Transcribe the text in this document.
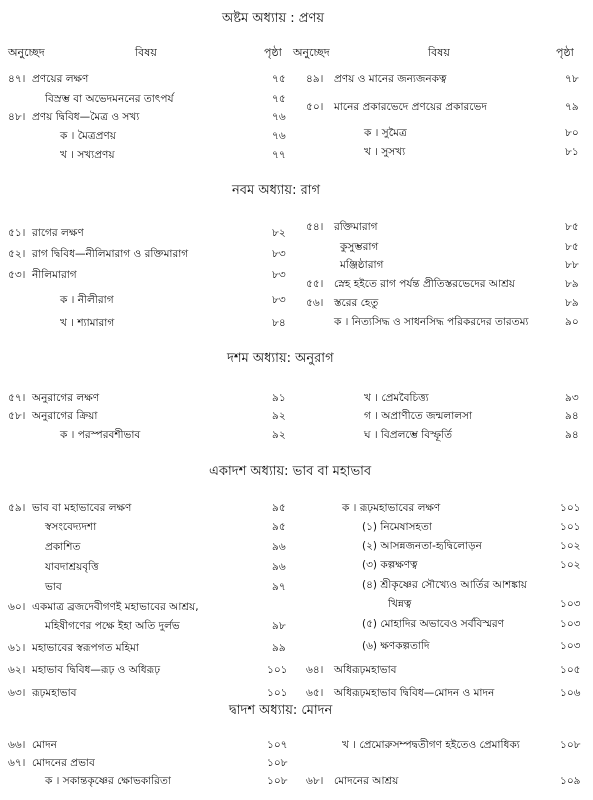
অষ্টম অধ্যায় : প্রণয়
অনুচ্ছেদ	বিষয়	পৃষ্ঠা অনুচ্ছেদ	বিষয়	পৃষ্ঠা
৪৭। প্রণয়ের লক্ষণ	৭৫
বিস্রম্ভ বা অভেদমননের তাৎপর্য	৭৫
৪৮। প্রণয় দ্বিবিধ—মৈত্র ও সখ্য	৭৬
ক । মৈত্রপ্রণয়	৭৬
খ । সখ্যপ্রণয়	৭৭
৪৯। প্রণয় ও মানের জন্যজনকত্ব	৭৮
৫০। মানের প্রকারভেদে প্রণয়ের প্রকারভেদ	৭৯
ক । সুমৈত্র	৮০
খ । সুসখ্য	৮১
নবম অধ্যায়: রাগ
৫১। রাগের লক্ষণ	৮২
৫২। রাগ দ্বিবিধ—নীলিমারাগ ও রক্তিমারাগ	৮৩
৫৩। নীলিমারাগ	৮৩
ক । নীলীরাগ	৮৩
খ । শ্যামারাগ	৮৪
৫৪। রক্তিমারাগ	৮৫
কুসুম্ভরাগ	৮৫
মঞ্জিষ্ঠারাগ	৮৮
৫৫। স্নেহ হইতে রাগ পর্যন্ত প্রীতিস্তরভেদের আশ্রয়	৮৯
৫৬। স্তরের হেতু	৮৯
ক । নিত্যসিদ্ধ ও সাধনসিদ্ধ পরিকরদের তারতম্য	৯০
দশম অধ্যায়: অনুরাগ
৫৭। অনুরাগের লক্ষণ	৯১
৫৮। অনুরাগের ক্রিয়া	৯২
ক । পরস্পরবশীভাব	৯২
খ । প্রেমবৈচিত্ত্য	৯৩
গ । অপ্রাণীতে জন্মলালসা	৯৪
ঘ । বিপ্রলম্ভে বিস্ফূর্তি	৯৪
একাদশ অধ্যায়: ভাব বা মহাভাব
৫৯। ভাব বা মহাভাবের লক্ষণ	৯৫
স্বসংবেদ্যদশা	৯৫
প্রকাশিত	৯৬
যাবদাশ্রয়বৃত্তি	৯৬
ভাব	৯৭
৬০। একমাত্র ব্রজদেবীগণই মহাভাবের আশ্রয়,
মহিষীগণের পক্ষে ইহা অতি দুর্লভ	৯৮
৬১। মহাভাবের স্বরূপগত মহিমা	৯৯
৬২। মহাভাব দ্বিবিধ—রূঢ় ও অধিরূঢ়	১০১
৬৩। রূঢ়মহাভাব	১০১
ক । রূঢ়মহাভাবের লক্ষণ	১০১
(১) নিমেষাসহতা	১০১
(২) আসন্নজনতা-হৃদ্বিলোড়ন	১০২
(৩) কল্পক্ষণত্ব	১০২
(৪) শ্রীকৃষ্ণের সৌখ্যেও আর্তির আশঙ্কায়
খিন্নত্ব	১০৩
(৫) মোহাদির অভাবেও সর্ববিস্মরণ	১০৩
(৬) ক্ষণকল্পতাদি	১০৩
৬৪। অধিরূঢ়মহাভাব	১০৫
৬৫। অধিরূঢ়মহাভাব দ্বিবিধ—মোদন ও মাদন	১০৬
দ্বাদশ অধ্যায়: মোদন
৬৬। মোদন	১০৭
৬৭। মোদনের প্রভাব	১০৮
ক । সকান্তকৃষ্ণের ক্ষোভকারিতা	১০৮
খ । প্রেমোরুসম্পদ্বতীগণ হইতেও প্রেমাধিক্য	১০৮
৬৮। মোদনের আশ্রয়	১০৯
